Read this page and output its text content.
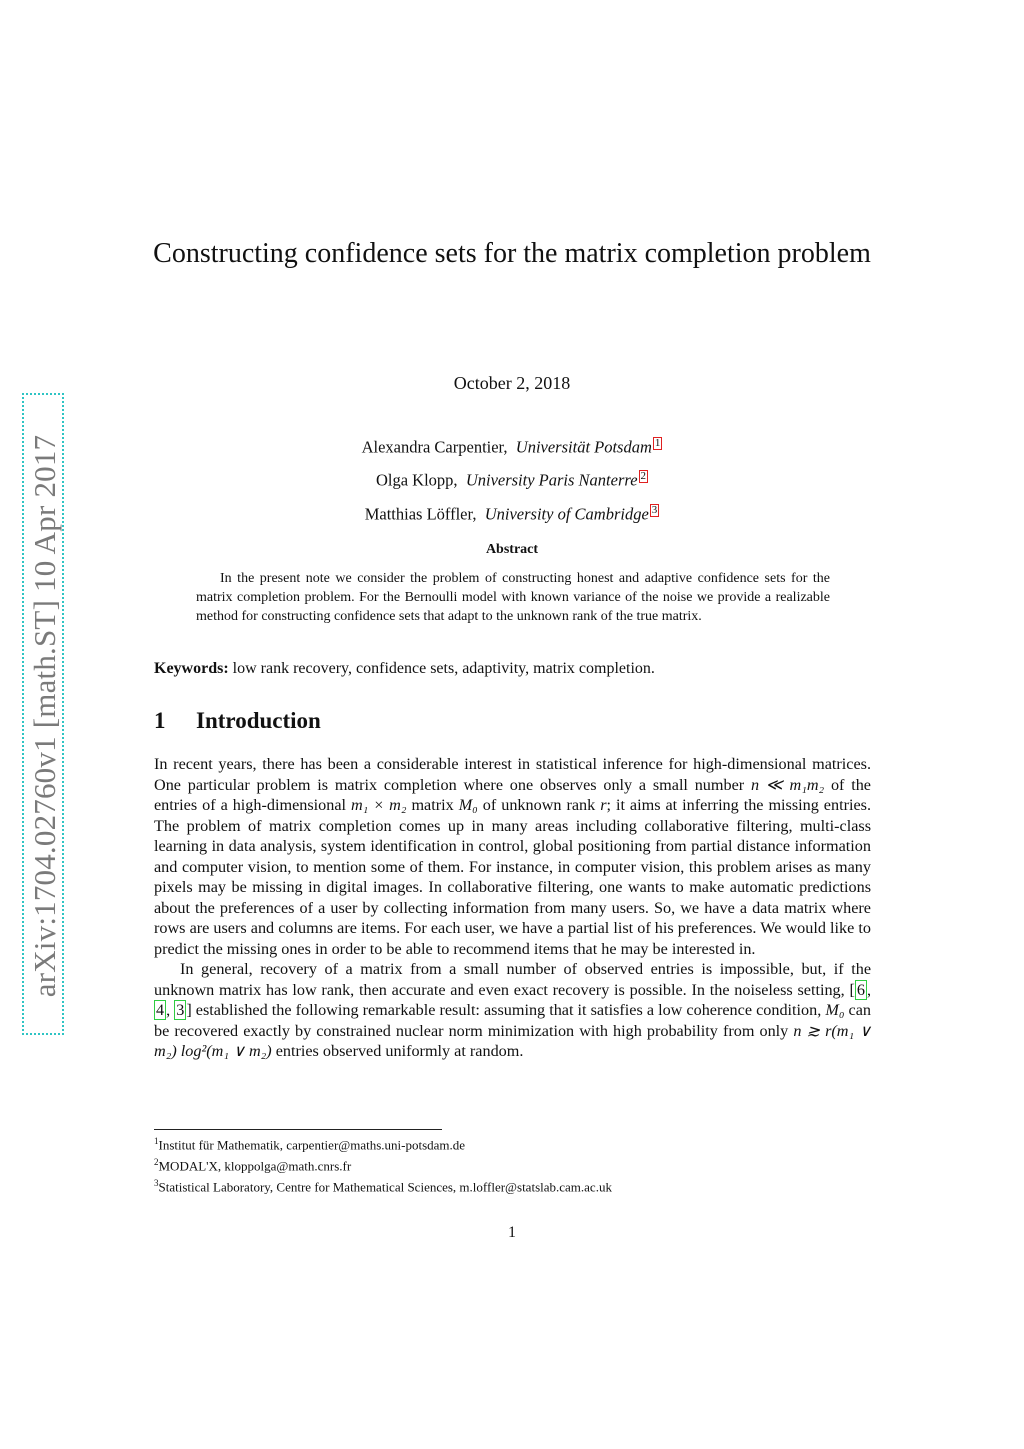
arXiv:1704.02760v1 [math.ST] 10 Apr 2017
Constructing confidence sets for the matrix completion problem
October 2, 2018
Alexandra Carpentier, Universität Potsdam 1
Olga Klopp, University Paris Nanterre 2
Matthias Löffler, University of Cambridge 3
Abstract
In the present note we consider the problem of constructing honest and adaptive confidence sets for the matrix completion problem. For the Bernoulli model with known variance of the noise we provide a realizable method for constructing confidence sets that adapt to the unknown rank of the true matrix.
Keywords: low rank recovery, confidence sets, adaptivity, matrix completion.
1 Introduction

In recent years, there has been a considerable interest in statistical inference for high-dimensional matrices. One particular problem is matrix completion where one observes only a small number n ≪ m₁m₂ of the entries of a high-dimensional m₁ × m₂ matrix M₀ of unknown rank r; it aims at inferring the missing entries. The problem of matrix completion comes up in many areas including collaborative filtering, multi-class learning in data analysis, system identification in control, global positioning from partial distance information and computer vision, to mention some of them. For instance, in computer vision, this problem arises as many pixels may be missing in digital images. In collaborative filtering, one wants to make automatic predictions about the preferences of a user by collecting information from many users. So, we have a data matrix where rows are users and columns are items. For each user, we have a partial list of his preferences. We would like to predict the missing ones in order to be able to recommend items that he may be interested in.

In general, recovery of a matrix from a small number of observed entries is impossible, but, if the unknown matrix has low rank, then accurate and even exact recovery is possible. In the noiseless setting, [ 6 , 4 , 3 ] established the following remarkable result: assuming that it satisfies a low coherence condition, M₀ can be recovered exactly by constrained nuclear norm minimization with high probability from only n ≳ r(m₁ ∨ m₂) log²(m₁ ∨ m₂) entries observed uniformly at random.

$^1$Institut für Mathematik, carpentier@maths.uni-potsdam.de
$^2$MODAL'X, kloppolga@math.cnrs.fr
$^3$Statistical Laboratory, Centre for Mathematical Sciences, m.loffler@statslab.cam.ac.uk
1
